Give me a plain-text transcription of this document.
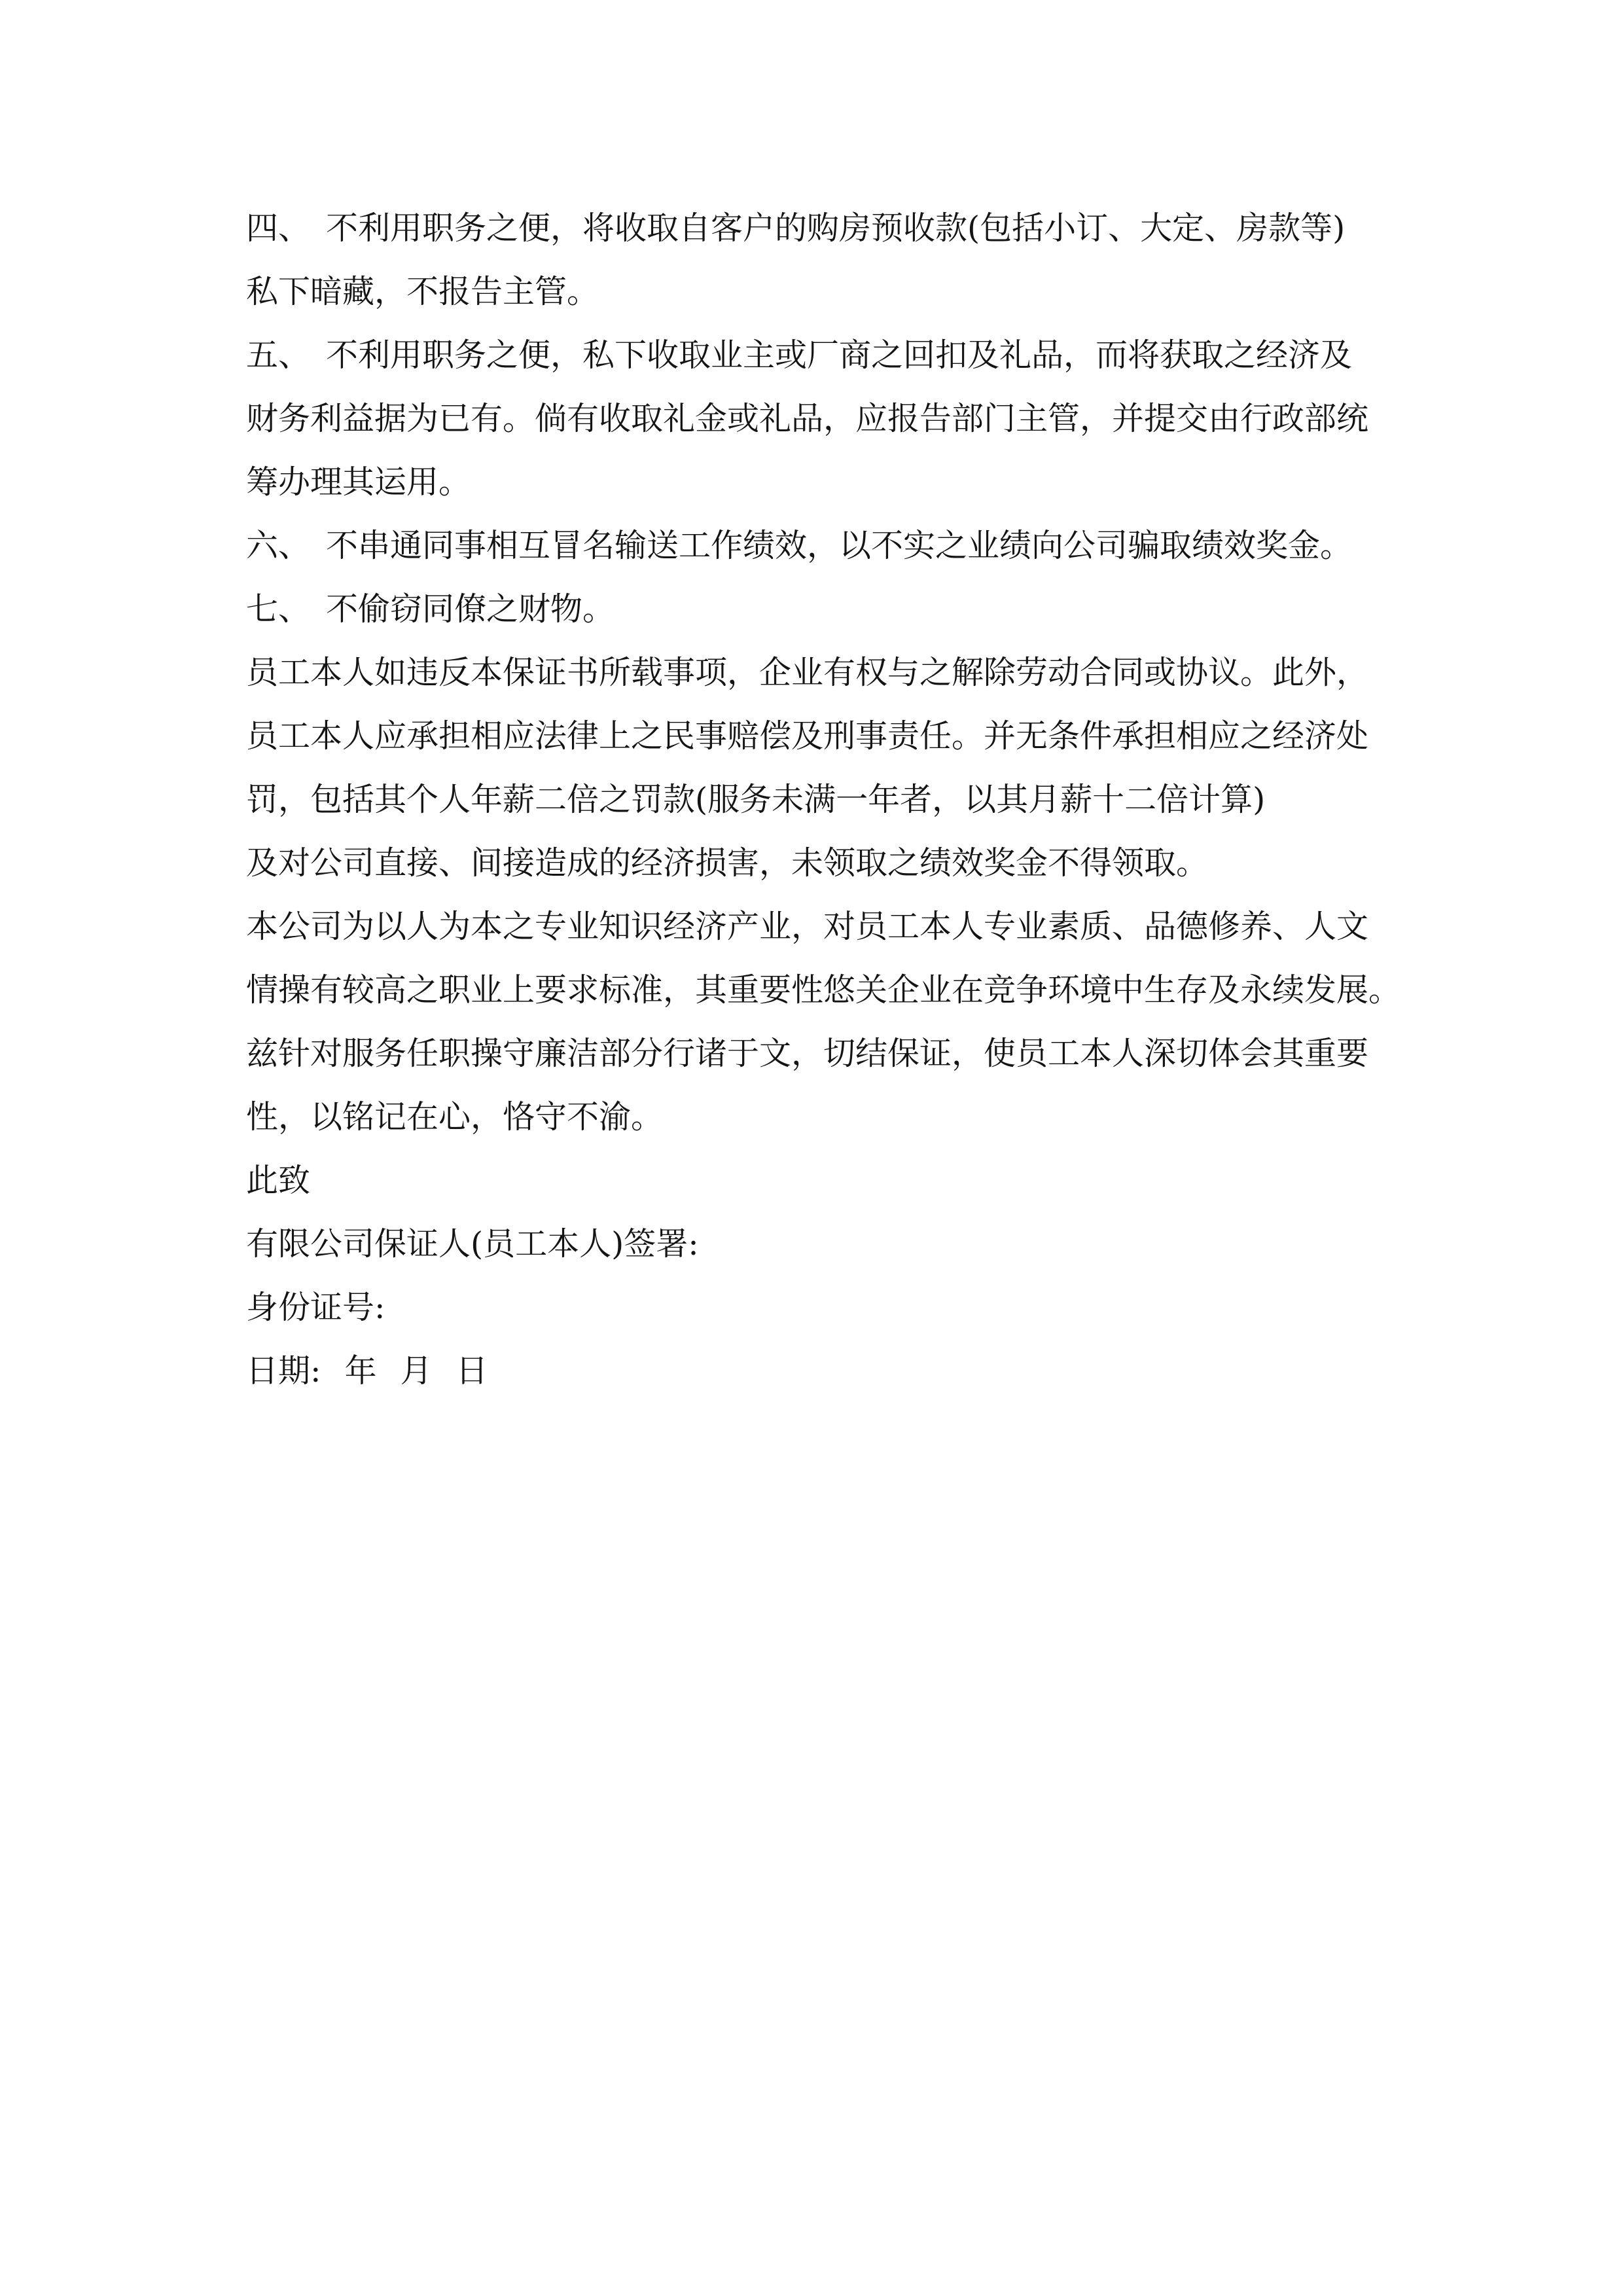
四、 不利用职务之便，将收取自客户的购房预收款(包括小订、大定、房款等)
私下暗藏，不报告主管。
五、 不利用职务之便，私下收取业主或厂商之回扣及礼品，而将获取之经济及
财务利益据为已有。倘有收取礼金或礼品，应报告部门主管，并提交由行政部统
筹办理其运用。
六、 不串通同事相互冒名输送工作绩效，以不实之业绩向公司骗取绩效奖金。
七、 不偷窃同僚之财物。
员工本人如违反本保证书所载事项，企业有权与之解除劳动合同或协议。此外，
员工本人应承担相应法律上之民事赔偿及刑事责任。并无条件承担相应之经济处
罚，包括其个人年薪二倍之罚款(服务未满一年者，以其月薪十二倍计算)
及对公司直接、间接造成的经济损害，未领取之绩效奖金不得领取。
本公司为以人为本之专业知识经济产业，对员工本人专业素质、品德修养、人文
情操有较高之职业上要求标准，其重要性悠关企业在竞争环境中生存及永续发展。
兹针对服务任职操守廉洁部分行诸于文，切结保证，使员工本人深切体会其重要
性，以铭记在心，恪守不渝。
此致
有限公司保证人(员工本人)签署:
身份证号:
日期: 年 月 日
